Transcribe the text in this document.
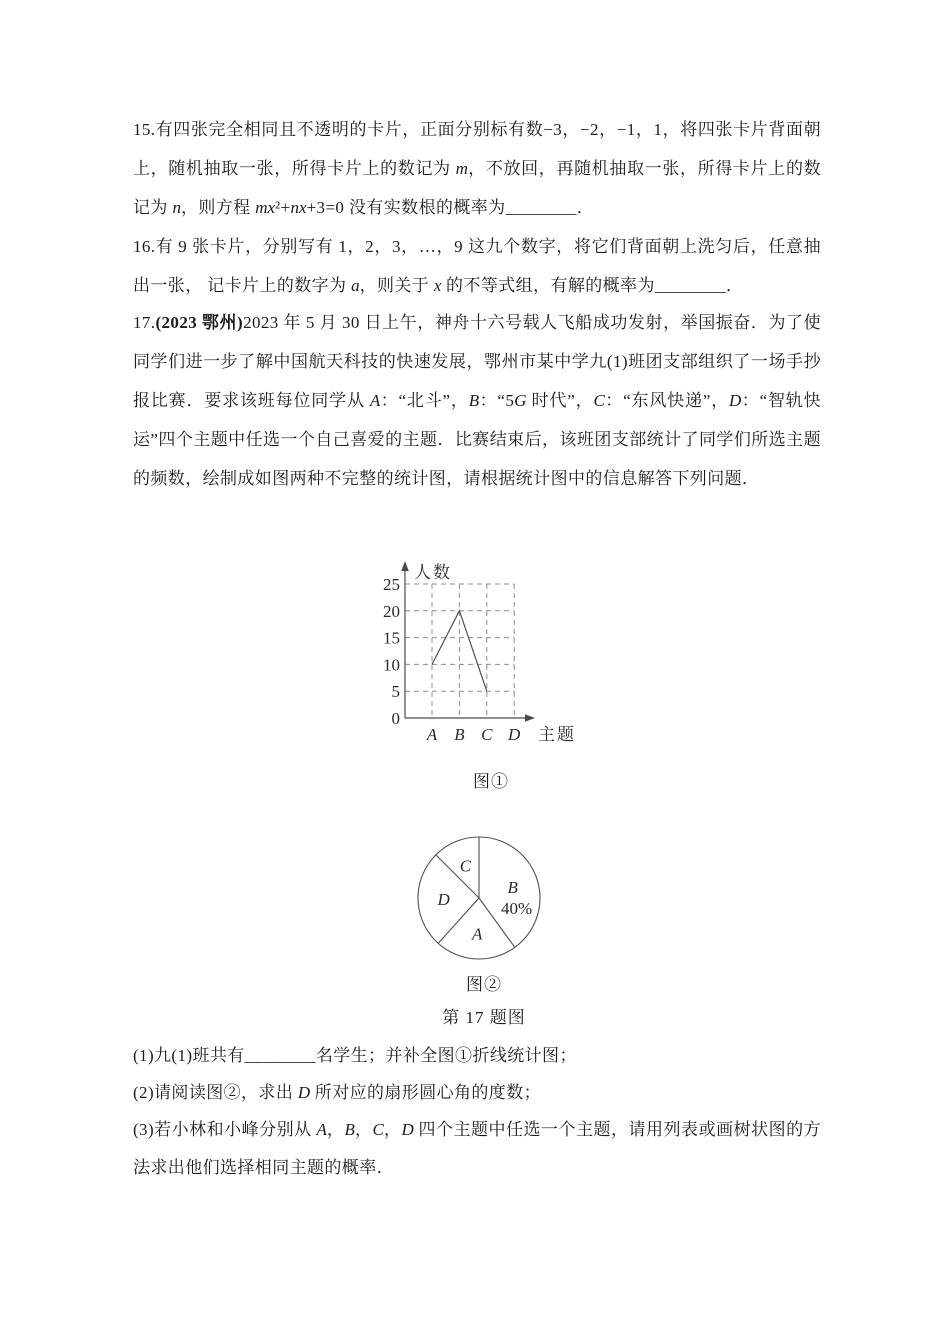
15.有四张完全相同且不透明的卡片，正面分别标有数−3，−2，−1，1，将四张卡片背面朝上，随机抽取一张，所得卡片上的数记为 m，不放回，再随机抽取一张，所得卡片上的数记为 n，则方程 mx²+nx+3=0 没有实数根的概率为________．

16.有 9 张卡片，分别写有 1，2，3，…，9 这九个数字，将它们背面朝上洗匀后，任意抽出一张， 记卡片上的数字为 a，则关于 x 的不等式组，有解的概率为________．

17.(2023 鄂州)2023 年 5 月 30 日上午，神舟十六号载人飞船成功发射，举国振奋．为了使同学们进一步了解中国航天科技的快速发展，鄂州市某中学九(1)班团支部组织了一场手抄报比赛．要求该班每位同学从 A：“北斗”，B：“5G 时代”，C：“东风快递”，D：“智轨快运”四个主题中任选一个自己喜爱的主题．比赛结束后，该班团支部统计了同学们所选主题的频数，绘制成如图两种不完整的统计图，请根据统计图中的信息解答下列问题．

0
5
10
15
20
25
A B C D
人数
主题

图①

B
40%
A
D
C

图②

第 17 题图

(1)九(1)班共有________名学生；并补全图①折线统计图；

(2)请阅读图②，求出 D 所对应的扇形圆心角的度数；

(3)若小林和小峰分别从 A，B，C，D 四个主题中任选一个主题，请用列表或画树状图的方法求出他们选择相同主题的概率．
